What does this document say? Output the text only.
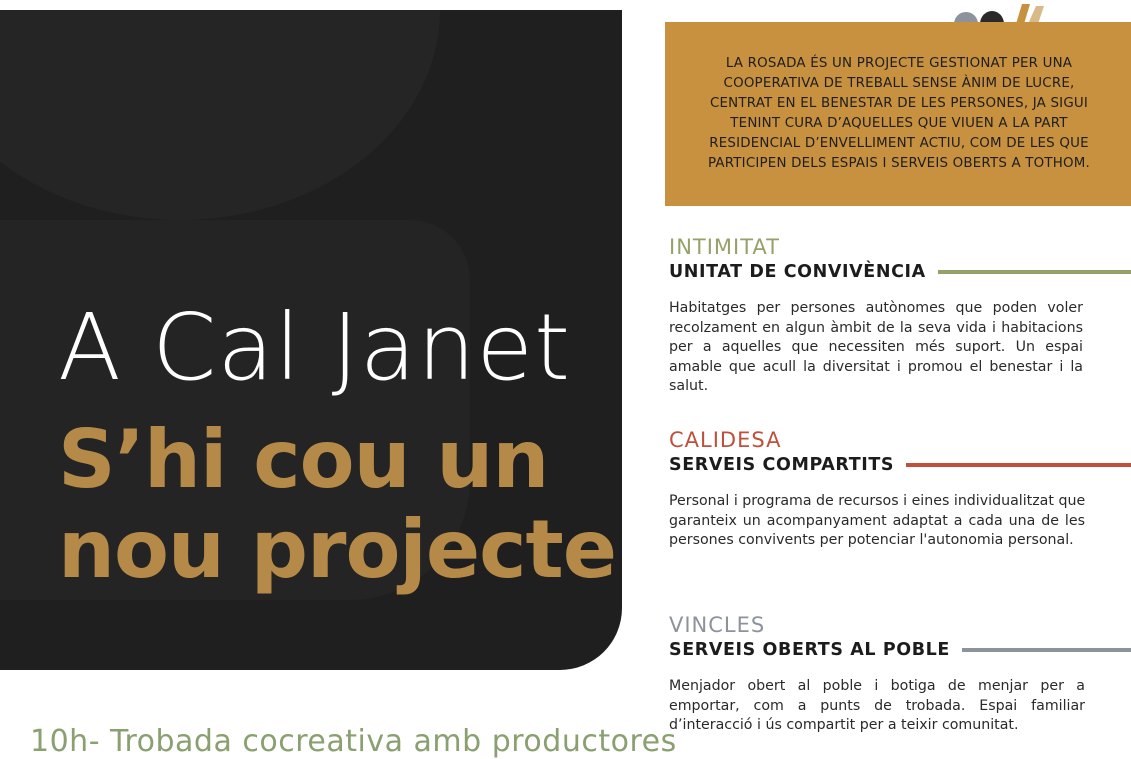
A Cal Janet
S’hi cou un
nou projecte

10h- Trobada cocreativa amb productores

LA ROSADA ÉS UN PROJECTE GESTIONAT PER UNA
COOPERATIVA DE TREBALL SENSE ÀNIM DE LUCRE,
CENTRAT EN EL BENESTAR DE LES PERSONES, JA SIGUI
TENINT CURA D’AQUELLES QUE VIUEN A LA PART
RESIDENCIAL D’ENVELLIMENT ACTIU, COM DE LES QUE
PARTICIPEN DELS ESPAIS I SERVEIS OBERTS A TOTHOM.
INTIMITAT
UNITAT DE CONVIVÈNCIA
Habitatges per persones autònomes que poden voler
recolzament en algun àmbit de la seva vida i habitacions
per a aquelles que necessiten més suport. Un espai
amable que acull la diversitat i promou el benestar i la
salut.
CALIDESA
SERVEIS COMPARTITS
Personal i programa de recursos i eines individualitzat que
garanteix un acompanyament adaptat a cada una de les
persones convivents per potenciar l'autonomia personal.
VINCLES
SERVEIS OBERTS AL POBLE
Menjador obert al poble i botiga de menjar per a
emportar, com a punts de trobada. Espai familiar
d’interacció i ús compartit per a teixir comunitat.
